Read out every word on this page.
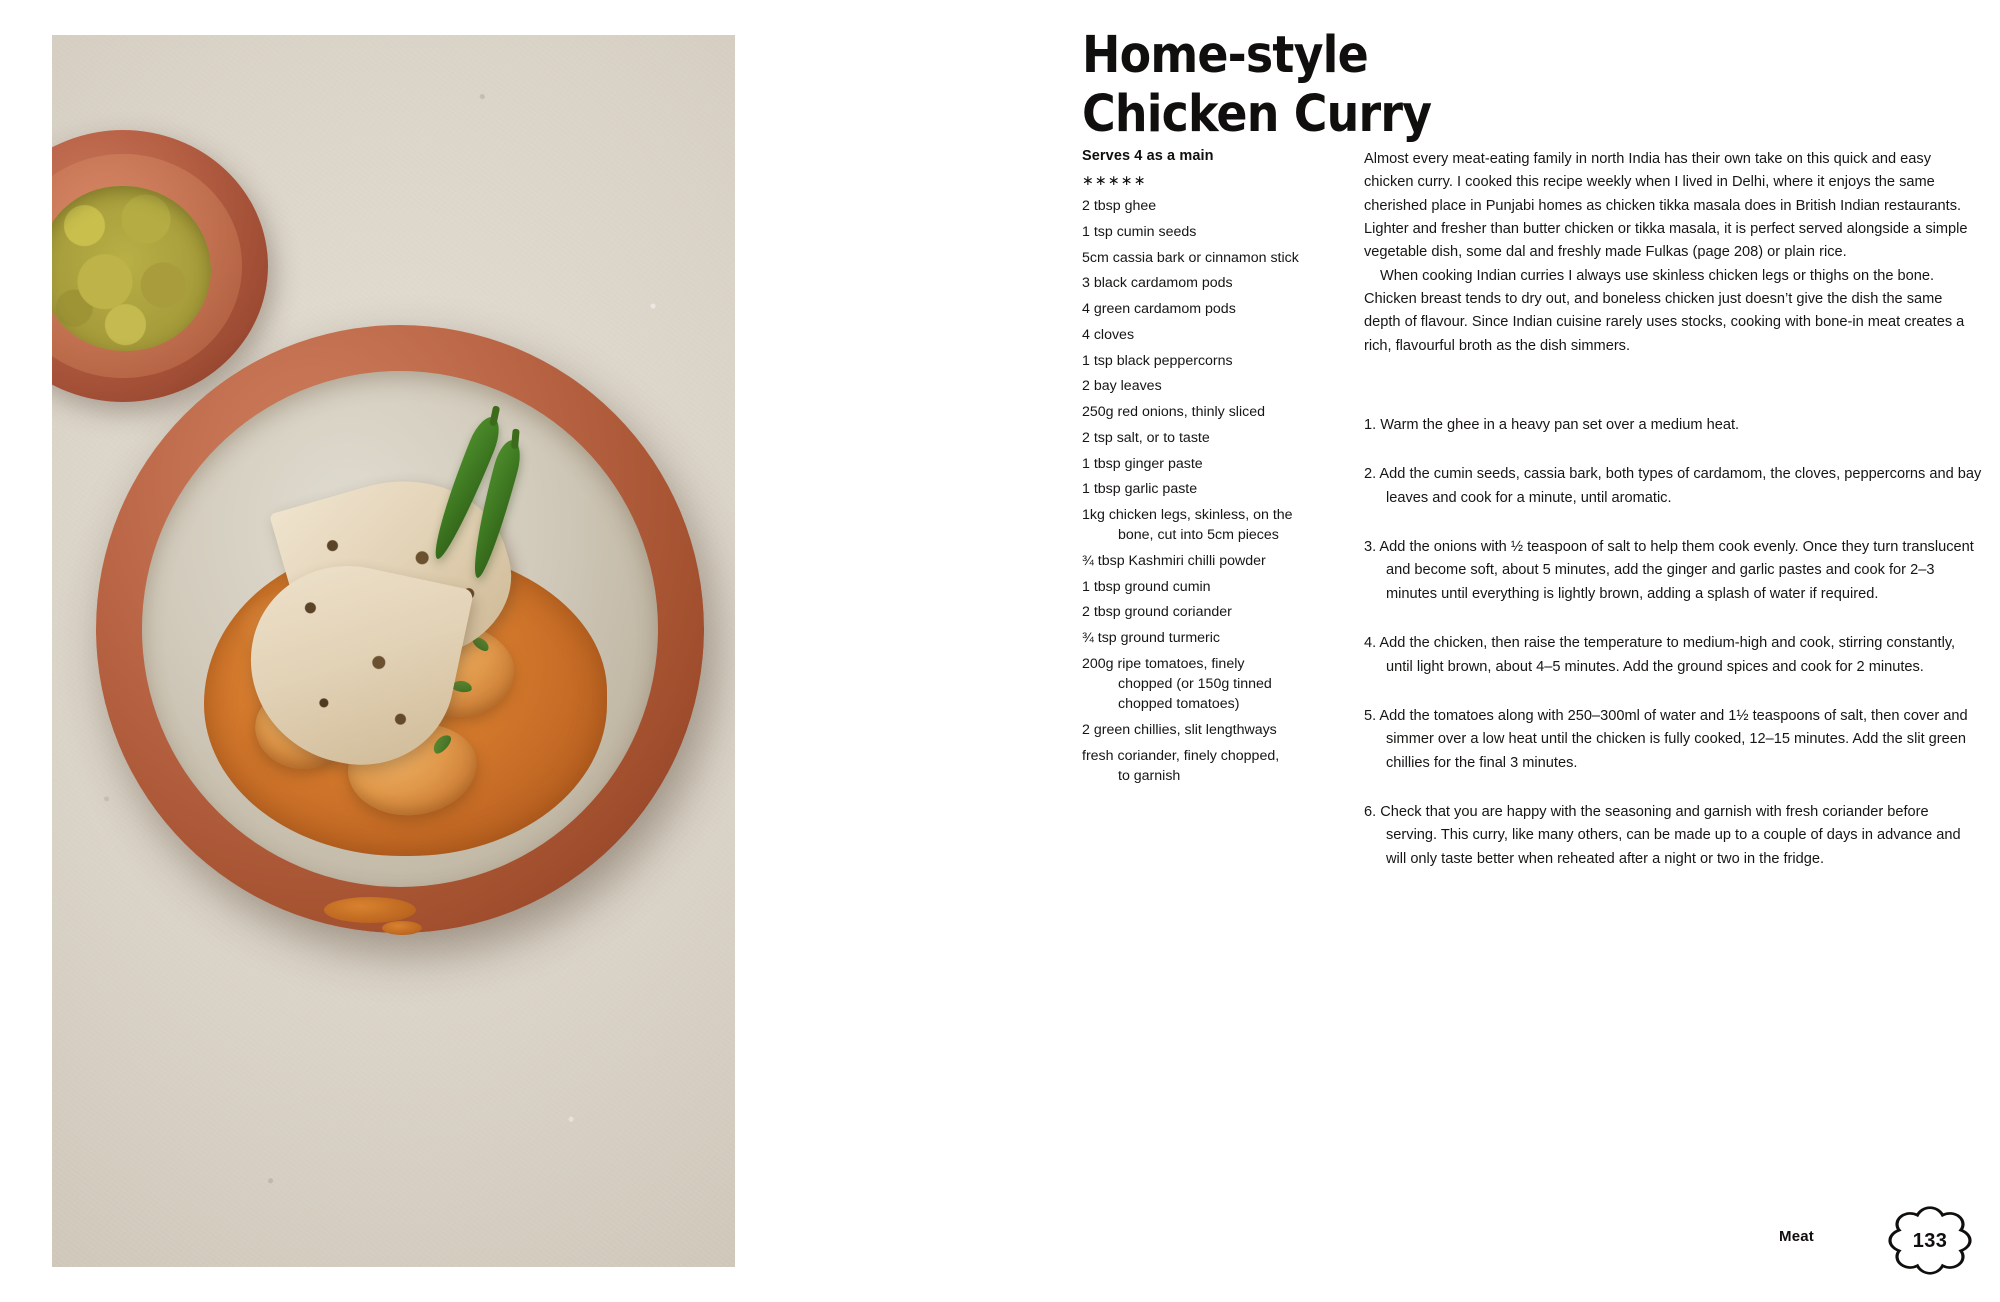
Home-style
Chicken Curry
Serves 4 as a main
∗∗∗∗∗
2 tbsp ghee
1 tsp cumin seeds
5cm cassia bark or cinnamon stick
3 black cardamom pods
4 green cardamom pods
4 cloves
1 tsp black peppercorns
2 bay leaves
250g red onions, thinly sliced
2 tsp salt, or to taste
1 tbsp ginger paste
1 tbsp garlic paste
1kg chicken legs, skinless, on the
bone, cut into 5cm pieces
¾ tbsp Kashmiri chilli powder
1 tbsp ground cumin
2 tbsp ground coriander
¾ tsp ground turmeric
200g ripe tomatoes, finely
chopped (or 150g tinned
chopped tomatoes)
2 green chillies, slit lengthways
fresh coriander, finely chopped,
to garnish

Almost every meat-eating family in north India has their own take on this quick and easy chicken curry. I cooked this recipe weekly when I lived in Delhi, where it enjoys the same cherished place in Punjabi homes as chicken tikka masala does in British Indian restaurants. Lighter and fresher than butter chicken or tikka masala, it is perfect served alongside a simple vegetable dish, some dal and freshly made Fulkas (page 208) or plain rice.

When cooking Indian curries I always use skinless chicken legs or thighs on the bone. Chicken breast tends to dry out, and boneless chicken just doesn’t give the dish the same depth of flavour. Since Indian cuisine rarely uses stocks, cooking with bone-in meat creates a rich, flavourful broth as the dish simmers.

1. Warm the ghee in a heavy pan set over a medium heat.

2. Add the cumin seeds, cassia bark, both types of cardamom, the cloves, peppercorns and bay leaves and cook for a minute, until aromatic.

3. Add the onions with ½ teaspoon of salt to help them cook evenly. Once they turn translucent and become soft, about 5 minutes, add the ginger and garlic pastes and cook for 2–3 minutes until everything is lightly brown, adding a splash of water if required.

4. Add the chicken, then raise the temperature to medium-high and cook, stirring constantly, until light brown, about 4–5 minutes. Add the ground spices and cook for 2 minutes.

5. Add the tomatoes along with 250–300ml of water and 1½ teaspoons of salt, then cover and simmer over a low heat until the chicken is fully cooked, 12–15 minutes. Add the slit green chillies for the final 3 minutes.

6. Check that you are happy with the seasoning and garnish with fresh coriander before serving. This curry, like many others, can be made up to a couple of days in advance and will only taste better when reheated after a night or two in the fridge.

Meat	133
